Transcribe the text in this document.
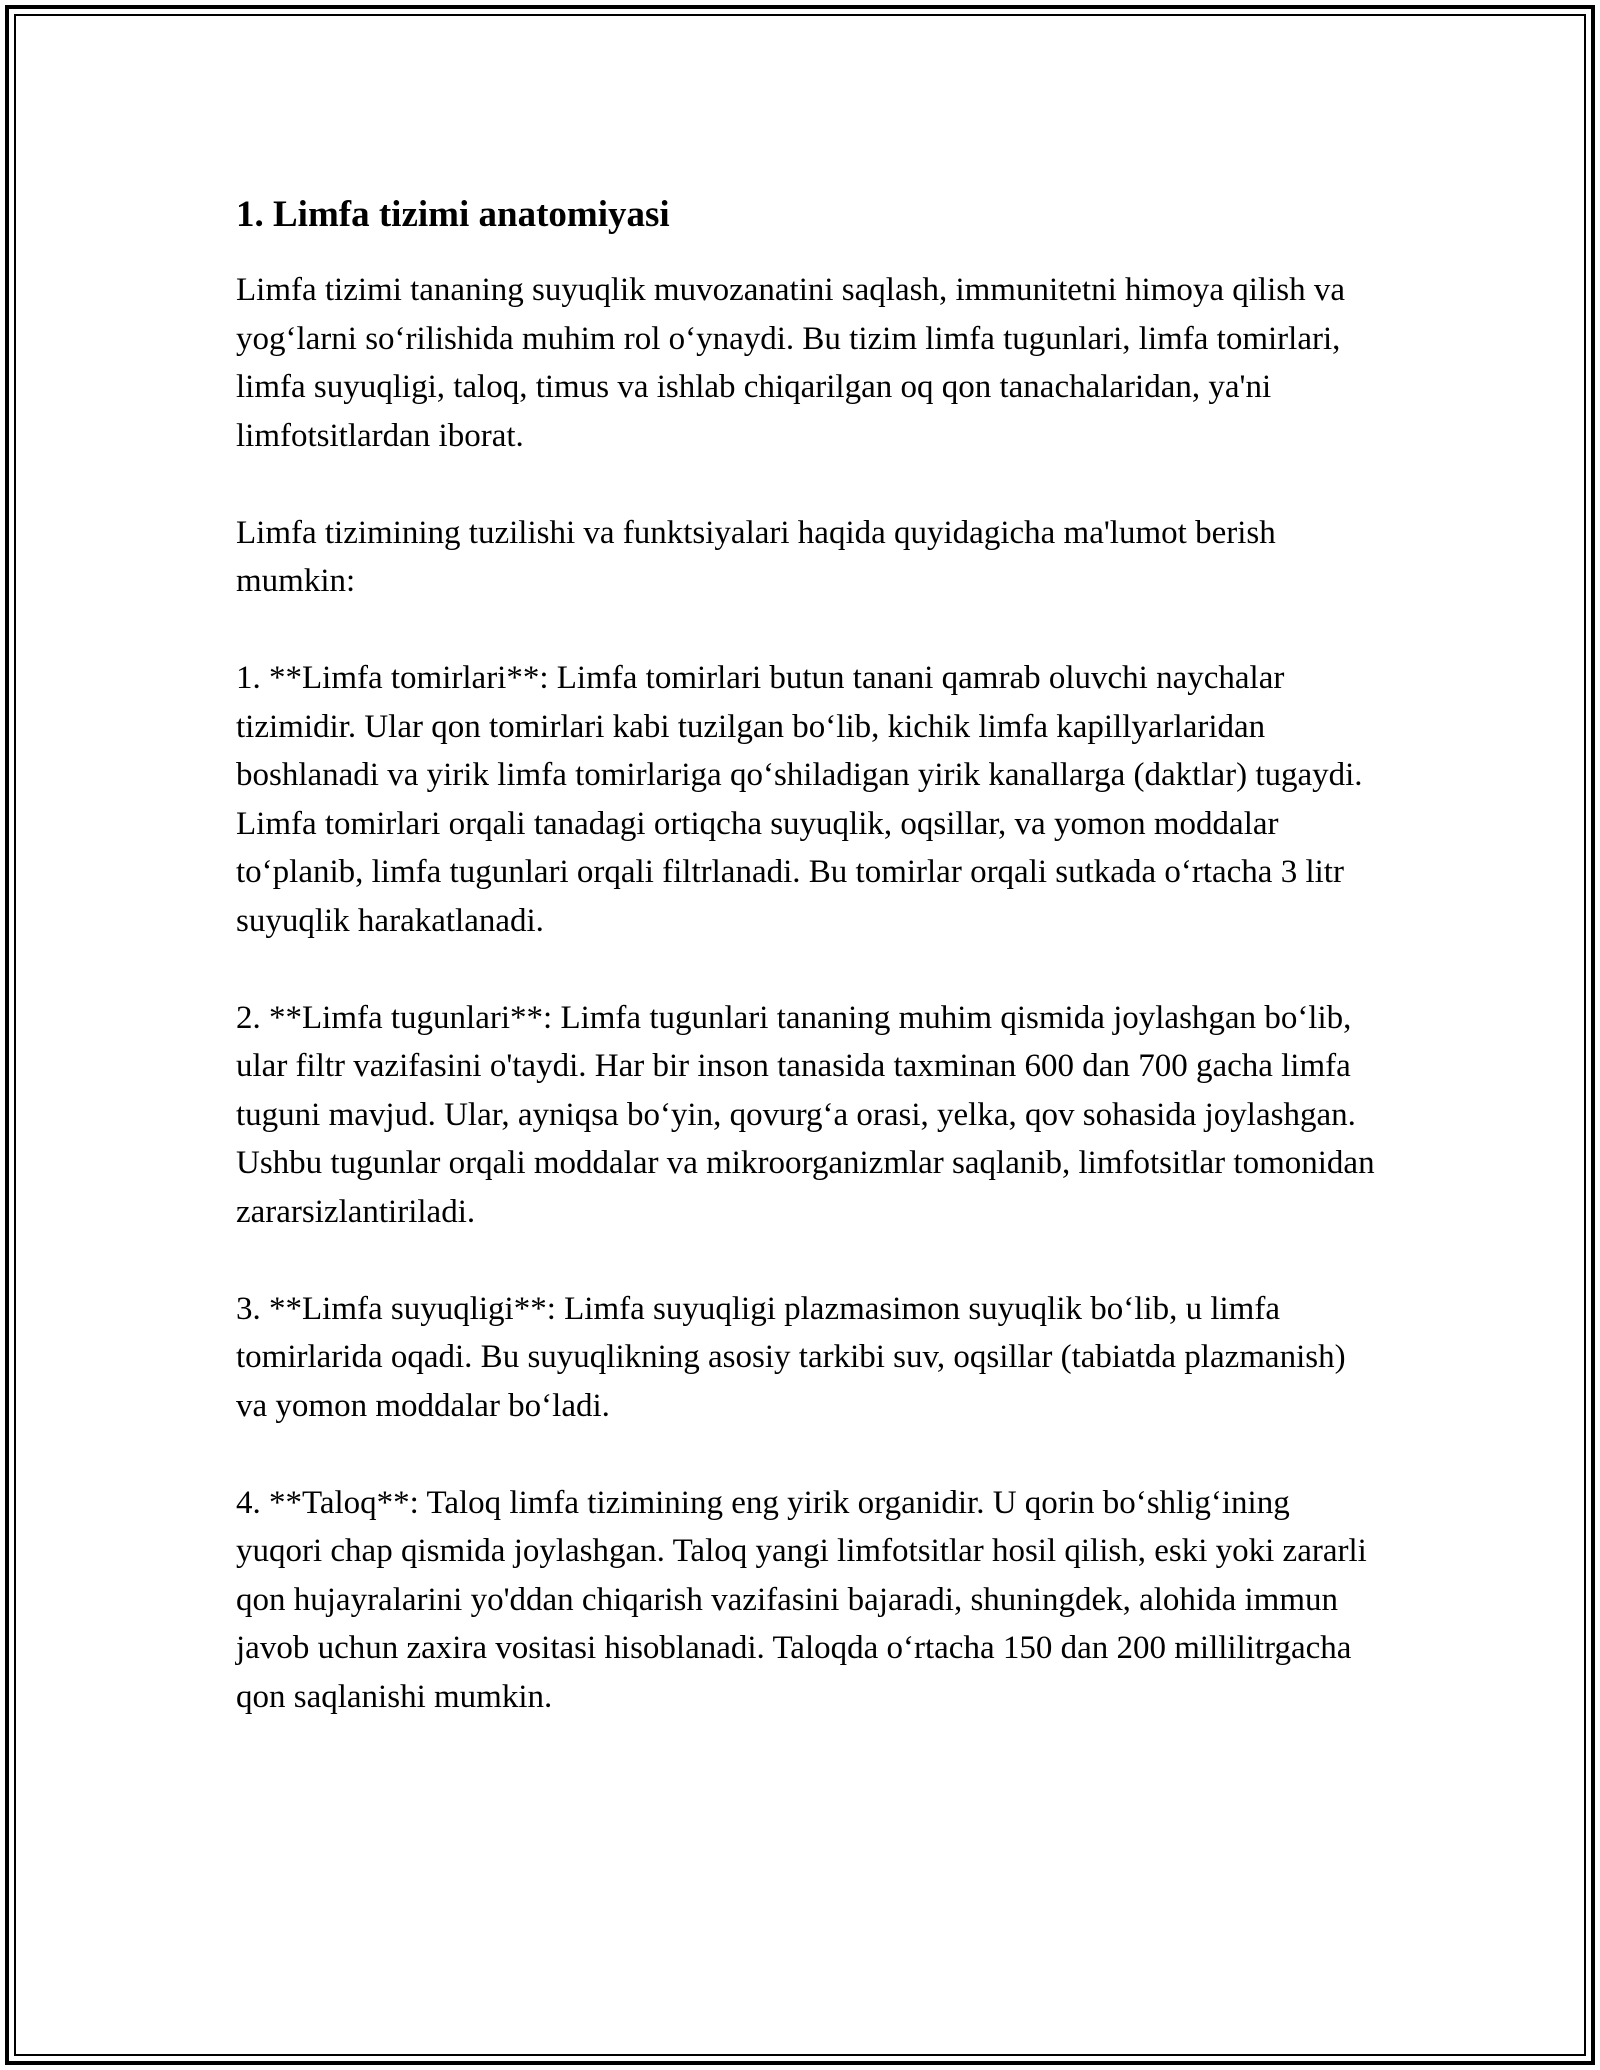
1. Limfa tizimi anatomiyasi

Limfa tizimi tananing suyuqlik muvozanatini saqlash, immunitetni himoya qilish va yog‘larni so‘rilishida muhim rol o‘ynaydi. Bu tizim limfa tugunlari, limfa tomirlari, limfa suyuqligi, taloq, timus va ishlab chiqarilgan oq qon tanachalaridan, ya'ni limfotsitlardan iborat.

Limfa tizimining tuzilishi va funktsiyalari haqida quyidagicha ma'lumot berish mumkin:

1. **Limfa tomirlari**: Limfa tomirlari butun tanani qamrab oluvchi naychalar tizimidir. Ular qon tomirlari kabi tuzilgan bo‘lib, kichik limfa kapillyarlaridan boshlanadi va yirik limfa tomirlariga qo‘shiladigan yirik kanallarga (daktlar) tugaydi. Limfa tomirlari orqali tanadagi ortiqcha suyuqlik, oqsillar, va yomon moddalar to‘planib, limfa tugunlari orqali filtrlanadi. Bu tomirlar orqali sutkada o‘rtacha 3 litr suyuqlik harakatlanadi.

2. **Limfa tugunlari**: Limfa tugunlari tananing muhim qismida joylashgan bo‘lib, ular filtr vazifasini o'taydi. Har bir inson tanasida taxminan 600 dan 700 gacha limfa tuguni mavjud. Ular, ayniqsa bo‘yin, qovurg‘a orasi, yelka, qov sohasida joylashgan. Ushbu tugunlar orqali moddalar va mikroorganizmlar saqlanib, limfotsitlar tomonidan zararsizlantiriladi.

3. **Limfa suyuqligi**: Limfa suyuqligi plazmasimon suyuqlik bo‘lib, u limfa tomirlarida oqadi. Bu suyuqlikning asosiy tarkibi suv, oqsillar (tabiatda plazmanish) va yomon moddalar bo‘ladi.

4. **Taloq**: Taloq limfa tizimining eng yirik organidir. U qorin bo‘shlig‘ining yuqori chap qismida joylashgan. Taloq yangi limfotsitlar hosil qilish, eski yoki zararli qon hujayralarini yo'ddan chiqarish vazifasini bajaradi, shuningdek, alohida immun javob uchun zaxira vositasi hisoblanadi. Taloqda o‘rtacha 150 dan 200 millilitrgacha qon saqlanishi mumkin.
